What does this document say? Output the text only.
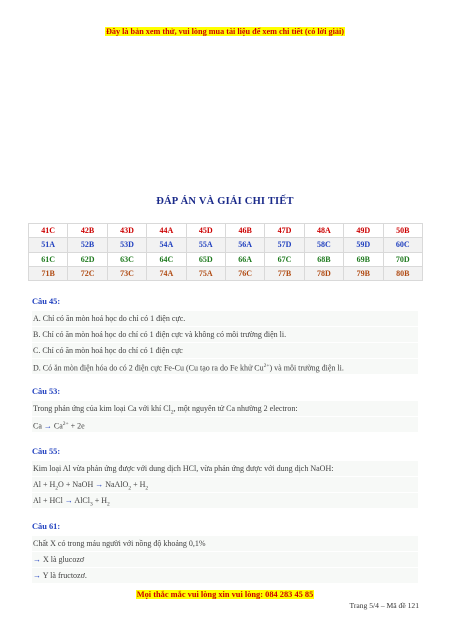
Đây là bản xem thử, vui lòng mua tài liệu để xem chi tiết (có lời giải)
ĐÁP ÁN VÀ GIẢI CHI TIẾT
41C	42B	43D	44A	45D	46B	47D	48A	49D	50B
51A	52B	53D	54A	55A	56A	57D	58C	59D	60C
61C	62D	63C	64C	65D	66A	67C	68B	69B	70D
71B	72C	73C	74A	75A	76C	77B	78D	79B	80B
Câu 45:
A. Chỉ có ăn mòn hoá học do chỉ có 1 điện cực.
B. Chỉ có ăn mòn hoá học do chỉ có 1 điện cực và không có môi trường điện li.
C. Chỉ có ăn mòn hoá học do chỉ có 1 điện cực
D. Có ăn mòn điện hóa do có 2 điện cực Fe-Cu (Cu tạo ra do Fe khử $Cu^{2+}$) và môi trường điện li.
Câu 53:
Trong phản ứng của kim loại Ca với khí $Cl_2$, một nguyên tử Ca nhường 2 electron:
$Ca \to Ca^{2+} + 2e$
Câu 55:
Kim loại Al vừa phản ứng được với dung dịch HCl, vừa phản ứng được với dung dịch NaOH:
$Al + H_2O$ + NaOH → NaAlO$_2$ + $H_2$
Al + HCl → AlCl$_3$ + $H_2$
Câu 61:
Chất X có trong máu người với nồng độ khoảng 0,1%
→ X là glucozơ
→ Y là fructozơ.
Mọi thắc mắc vui lòng xin vui lòng: 084 283 45 85
Trang 5/4 – Mã đề 121
